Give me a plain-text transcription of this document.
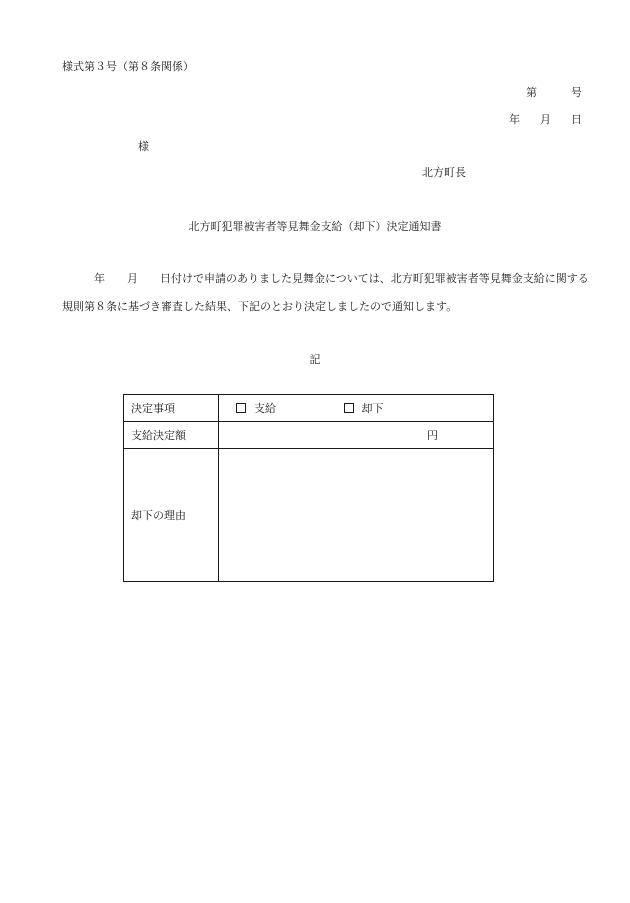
様式第３号（第８条関係）
第	号
年 月 日
様
北方町長
北方町犯罪被害者等見舞金支給（却下）決定通知書
年 月 日付けで申請のありました見舞金については、北方町犯罪被害者等見舞金支給に関する
規則第８条に基づき審査した結果、下記のとおり決定しましたので通知します。
記
決定事項	支給 却下
支給決定額	円
却下の理由	
